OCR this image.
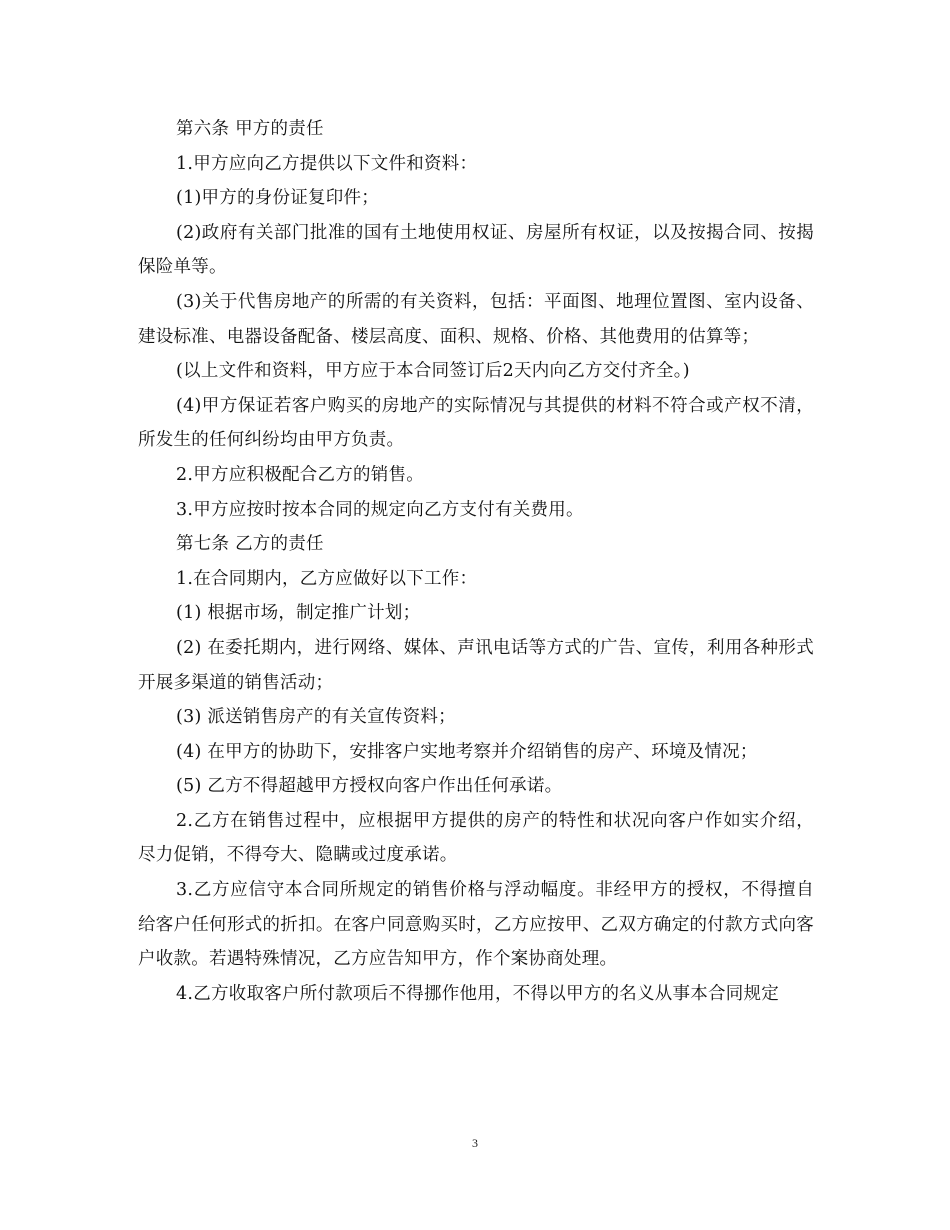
第六条 甲方的责任

1.甲方应向乙方提供以下文件和资料：

(1)甲方的身份证复印件；

(2)政府有关部门批准的国有土地使用权证、房屋所有权证，以及按揭合同、按揭保险单等。

(3)关于代售房地产的所需的有关资料，包括：平面图、地理位置图、室内设备、建设标准、电器设备配备、楼层高度、面积、规格、价格、其他费用的估算等；

(以上文件和资料，甲方应于本合同签订后2天内向乙方交付齐全。)

(4)甲方保证若客户购买的房地产的实际情况与其提供的材料不符合或产权不清，所发生的任何纠纷均由甲方负责。

2.甲方应积极配合乙方的销售。

3.甲方应按时按本合同的规定向乙方支付有关费用。

第七条 乙方的责任

1.在合同期内，乙方应做好以下工作：

(1) 根据市场，制定推广计划；

(2) 在委托期内，进行网络、媒体、声讯电话等方式的广告、宣传，利用各种形式开展多渠道的销售活动；

(3) 派送销售房产的有关宣传资料；

(4) 在甲方的协助下，安排客户实地考察并介绍销售的房产、环境及情况；

(5) 乙方不得超越甲方授权向客户作出任何承诺。

2.乙方在销售过程中，应根据甲方提供的房产的特性和状况向客户作如实介绍，尽力促销，不得夸大、隐瞒或过度承诺。

3.乙方应信守本合同所规定的销售价格与浮动幅度。非经甲方的授权，不得擅自给客户任何形式的折扣。在客户同意购买时，乙方应按甲、乙双方确定的付款方式向客户收款。若遇特殊情况，乙方应告知甲方，作个案协商处理。

4.乙方收取客户所付款项后不得挪作他用，不得以甲方的名义从事本合同规定

3
